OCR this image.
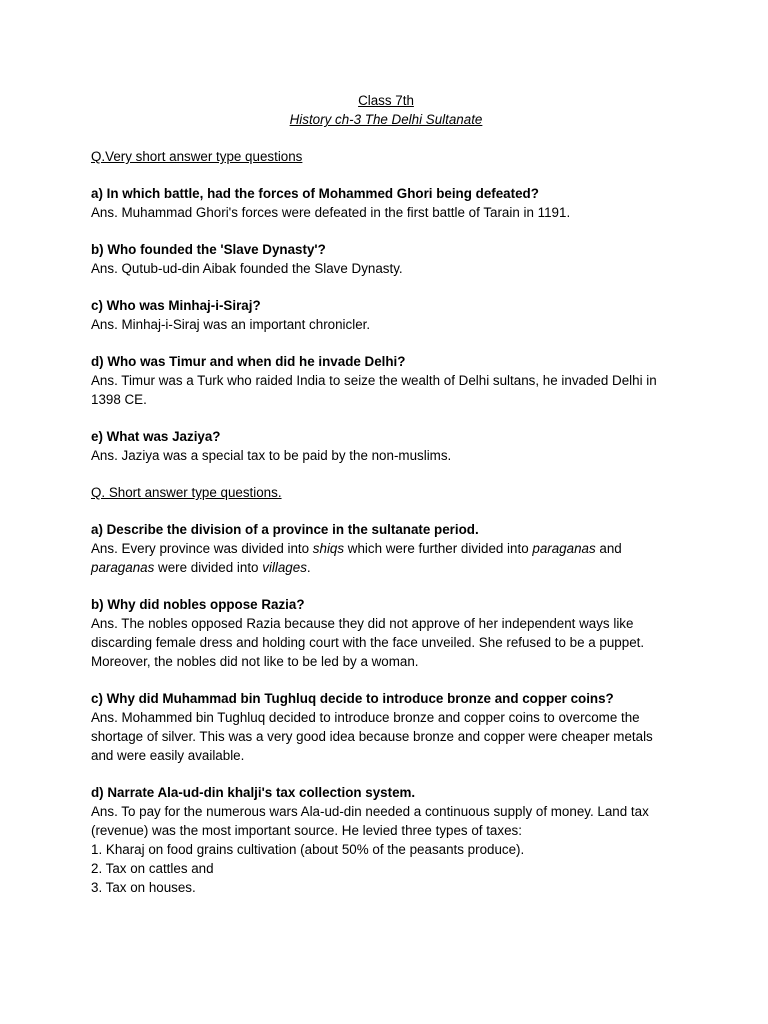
Class 7th

History ch-3 The Delhi Sultanate

Q.Very short answer type questions

a) In which battle, had the forces of Mohammed Ghori being defeated?

Ans. Muhammad Ghori's forces were defeated in the first battle of Tarain in 1191.

b) Who founded the 'Slave Dynasty'?

Ans. Qutub-ud-din Aibak founded the Slave Dynasty.

c) Who was Minhaj-i-Siraj?

Ans. Minhaj-i-Siraj was an important chronicler.

d) Who was Timur and when did he invade Delhi?

Ans. Timur was a Turk who raided India to seize the wealth of Delhi sultans, he invaded Delhi in

1398 CE.

e) What was Jaziya?

Ans. Jaziya was a special tax to be paid by the non-muslims.

Q. Short answer type questions.

a) Describe the division of a province in the sultanate period.

Ans. Every province was divided into shiqs which were further divided into paraganas and

paraganas were divided into villages.

b) Why did nobles oppose Razia?

Ans. The nobles opposed Razia because they did not approve of her independent ways like

discarding female dress and holding court with the face unveiled. She refused to be a puppet.

Moreover, the nobles did not like to be led by a woman.

c) Why did Muhammad bin Tughluq decide to introduce bronze and copper coins?

Ans. Mohammed bin Tughluq decided to introduce bronze and copper coins to overcome the

shortage of silver. This was a very good idea because bronze and copper were cheaper metals

and were easily available.

d) Narrate Ala-ud-din khalji's tax collection system.

Ans. To pay for the numerous wars Ala-ud-din needed a continuous supply of money. Land tax

(revenue) was the most important source. He levied three types of taxes:

1. Kharaj on food grains cultivation (about 50% of the peasants produce).

2. Tax on cattles and

3. Tax on houses.
